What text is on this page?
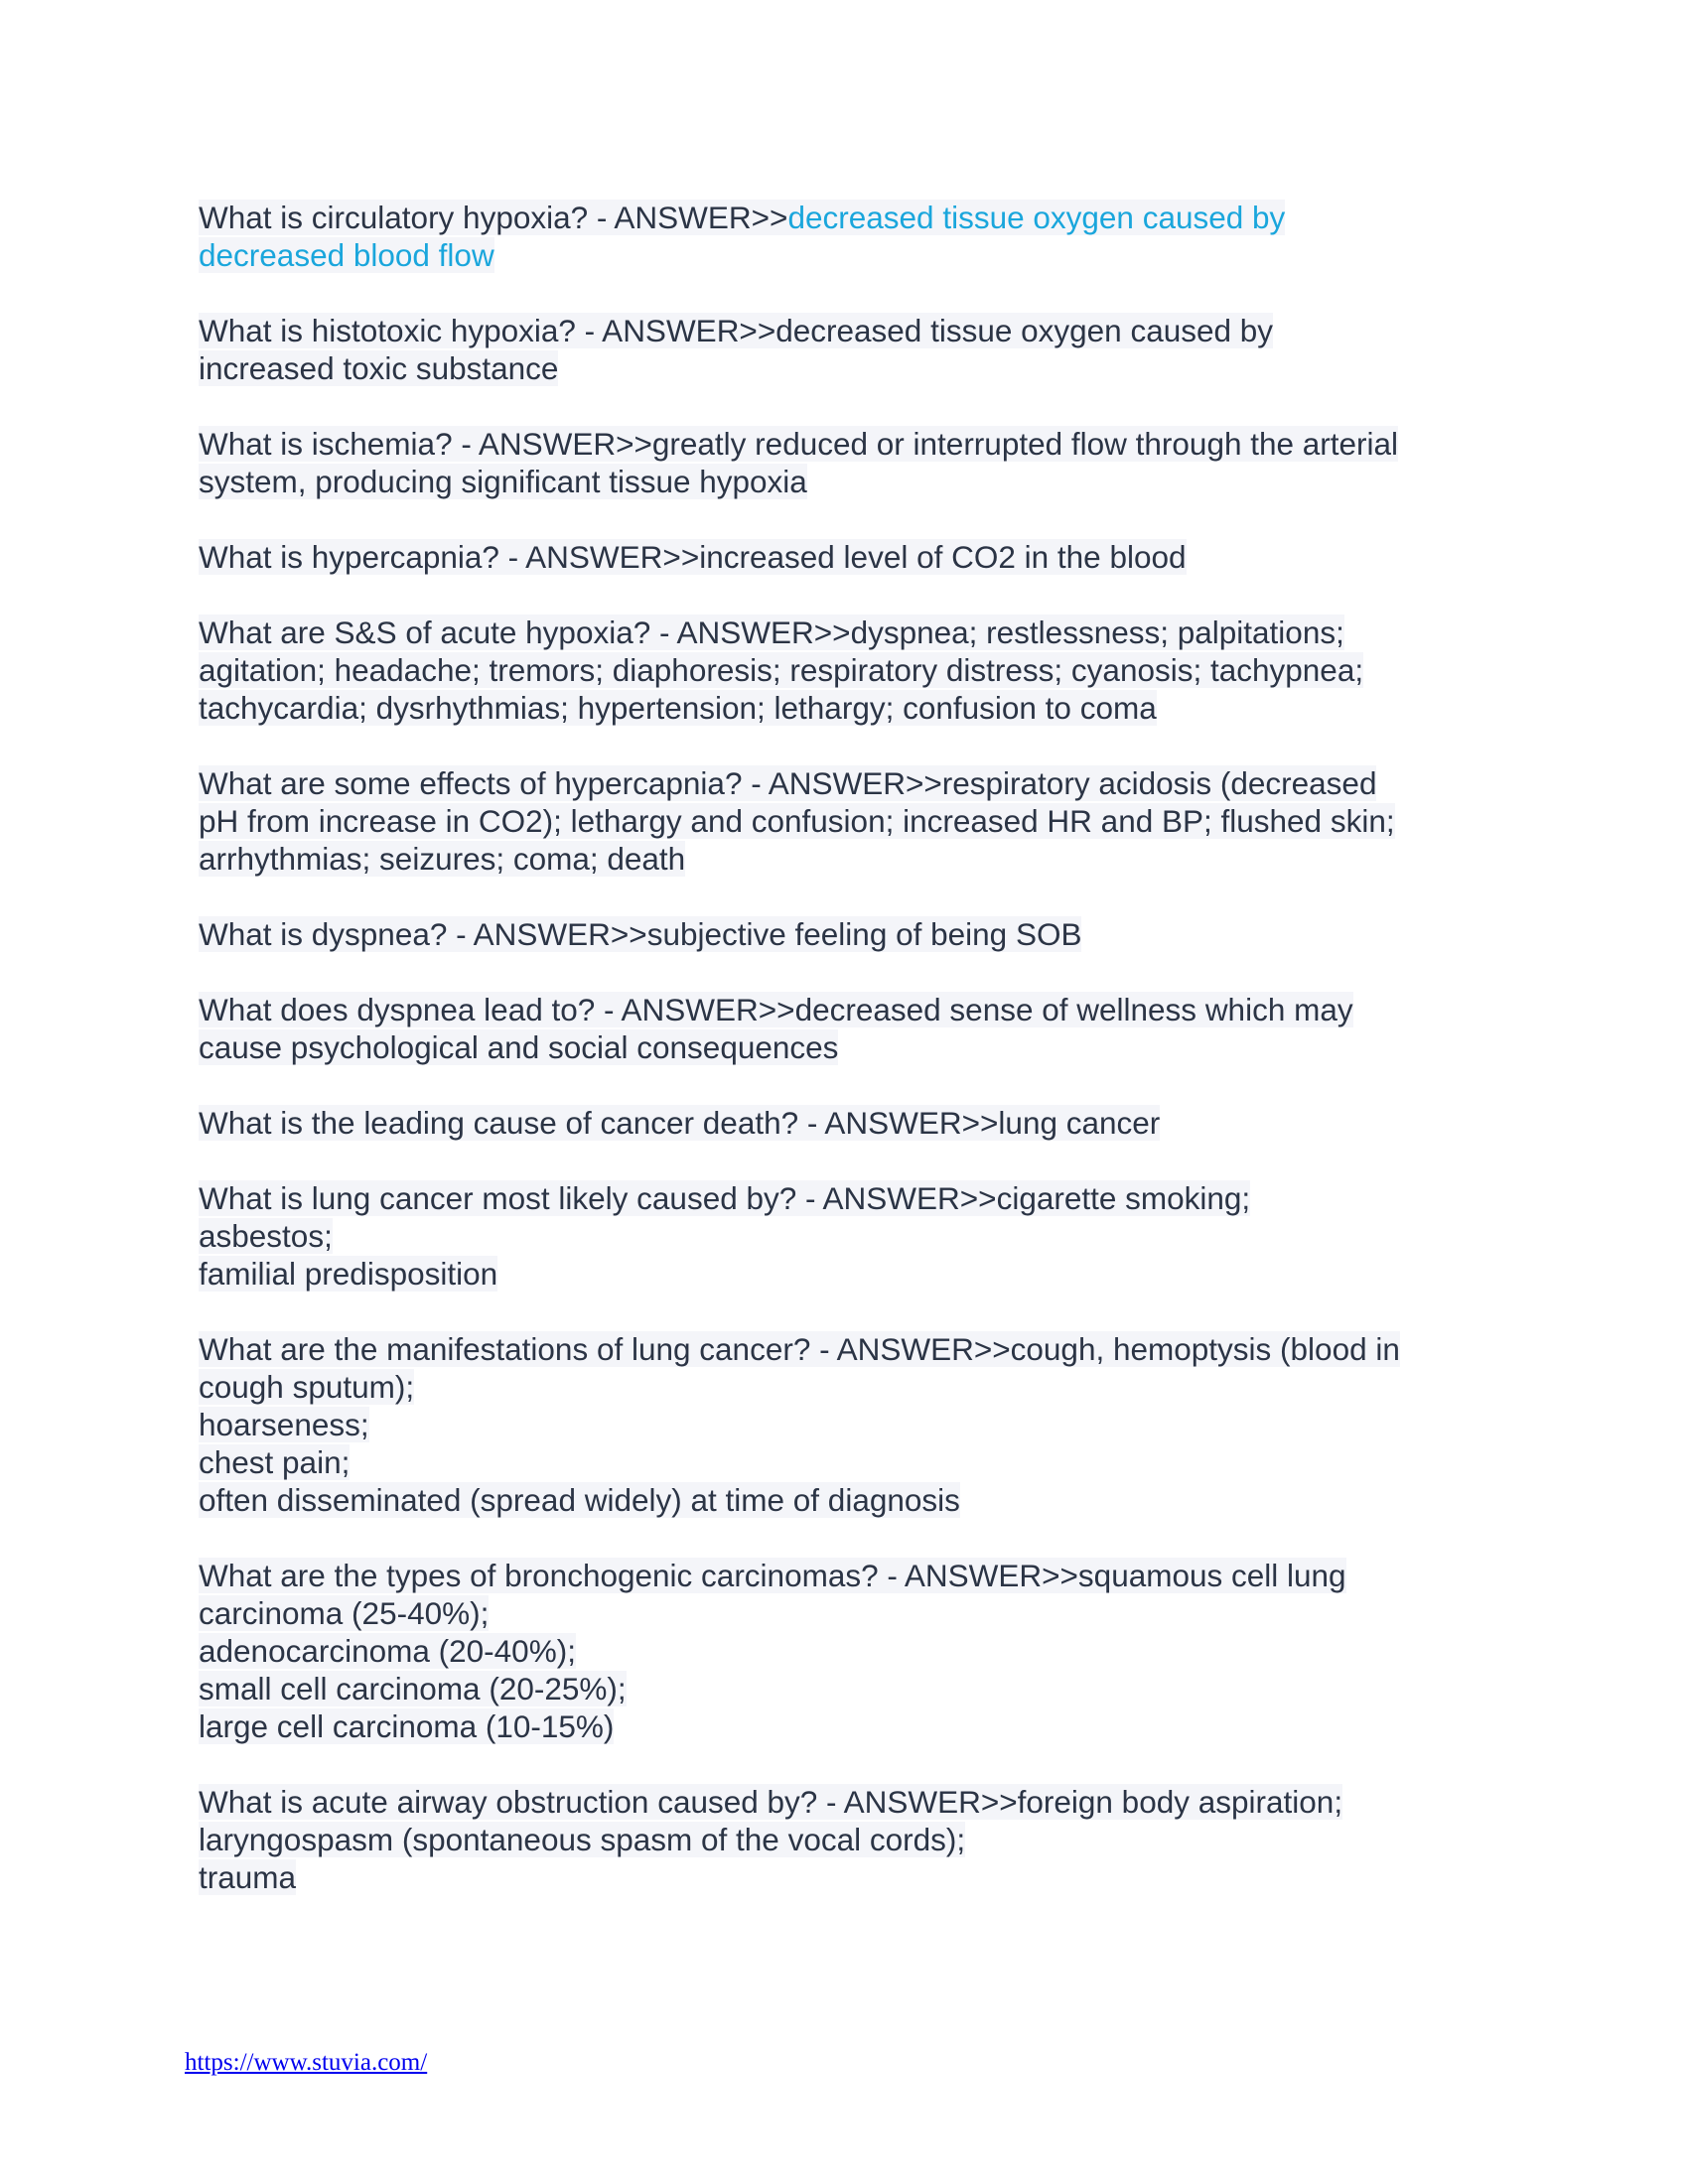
What is circulatory hypoxia? - ANSWER>>decreased tissue oxygen caused by
decreased blood flow
What is histotoxic hypoxia? - ANSWER>>decreased tissue oxygen caused by
increased toxic substance
What is ischemia? - ANSWER>>greatly reduced or interrupted flow through the arterial
system, producing significant tissue hypoxia
What is hypercapnia? - ANSWER>>increased level of CO2 in the blood
What are S&S of acute hypoxia? - ANSWER>>dyspnea; restlessness; palpitations;
agitation; headache; tremors; diaphoresis; respiratory distress; cyanosis; tachypnea;
tachycardia; dysrhythmias; hypertension; lethargy; confusion to coma
What are some effects of hypercapnia? - ANSWER>>respiratory acidosis (decreased
pH from increase in CO2); lethargy and confusion; increased HR and BP; flushed skin;
arrhythmias; seizures; coma; death
What is dyspnea? - ANSWER>>subjective feeling of being SOB
What does dyspnea lead to? - ANSWER>>decreased sense of wellness which may
cause psychological and social consequences
What is the leading cause of cancer death? - ANSWER>>lung cancer
What is lung cancer most likely caused by? - ANSWER>>cigarette smoking;
asbestos;
familial predisposition
What are the manifestations of lung cancer? - ANSWER>>cough, hemoptysis (blood in
cough sputum);
hoarseness;
chest pain;
often disseminated (spread widely) at time of diagnosis
What are the types of bronchogenic carcinomas? - ANSWER>>squamous cell lung
carcinoma (25-40%);
adenocarcinoma (20-40%);
small cell carcinoma (20-25%);
large cell carcinoma (10-15%)
What is acute airway obstruction caused by? - ANSWER>>foreign body aspiration;
laryngospasm (spontaneous spasm of the vocal cords);
trauma
https://www.stuvia.com/
